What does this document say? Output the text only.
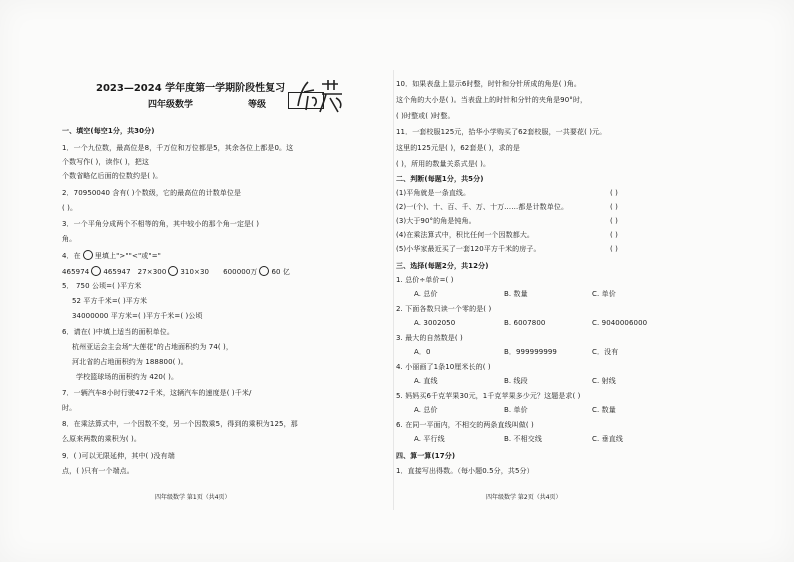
2023—2024 学年度第一学期阶段性复习
四年级数学	等级
一、填空(每空1分，共30分)
1．一个九位数，最高位是8，千万位和万位都是5，其余各位上都是0。这
个数写作( )，读作( )，把这
个数省略亿后面的位数约是( )。
2．70950040 含有( )个数级，它的最高位的计数单位是
( )。
3．一个平角分成两个不相等的角，其中较小的那个角一定是( )
角。
4．在 里填上">""<"或"="
465974 465947 27×300 310×30 600000万 60 亿
5． 750 公顷=( )平方米
52 平方千米=( )平方米
34000000 平方米=( )平方千米=( )公顷
6．请在( )中填上适当的面积单位。
杭州亚运会主会场"大莲花"的占地面积约为 74( )，
河北省的占地面积约为 188800( )。
学校篮球场的面积约为 420( )。
7．一辆汽车8小时行驶472千米，这辆汽车的速度是( )千米/
时。
8．在乘法算式中，一个因数不变，另一个因数乘5，得到的乘积为125，那
么原来两数的乘积为( )。
9．( )可以无限延伸，其中( )没有端
点，( )只有一个端点。
四年级数学 第1页（共4页）
10．如果表盘上显示6时整，时针和分针所成的角是( )角。
这个角的大小是( )。当表盘上的时针和分针的夹角是90°时，
( )时整或( )时整。
11．一套校服125元，拾华小学购买了62套校服，一共要花( )元。
这里的125元是( )，62套是( )，求的是
( )，所用的数量关系式是( )。
二、判断(每题1分，共5分)
(1)平角就是一条直线。	( )
(2)一(个)、十、百、千、万、十万……都是计数单位。	( )
(3)大于90°的角是钝角。	( )
(4)在乘法算式中，积比任何一个因数都大。	( )
(5)小华家最近买了一套120平方千米的房子。	( )
三、选择(每题2分，共12分)
1. 总价÷单价=( )
A. 总价	B. 数量	C. 单价
2. 下面各数只读一个零的是( )
A. 3002050	B. 6007800	C. 9040006000
3. 最大的自然数是( )
A．0	B．999999999	C．没有
4. 小丽画了1条10厘米长的( )
A. 直线	B. 线段	C. 射线
5. 妈妈买6千克苹果30元，1千克苹果多少元？这题是求( )
A. 总价	B. 单价	C. 数量
6. 在同一平面内，不相交的两条直线叫做( )
A. 平行线	B. 不相交线	C. 垂直线
四、算一算(17分)
1．直接写出得数。（每小题0.5分，共5分）
四年级数学 第2页（共4页）
